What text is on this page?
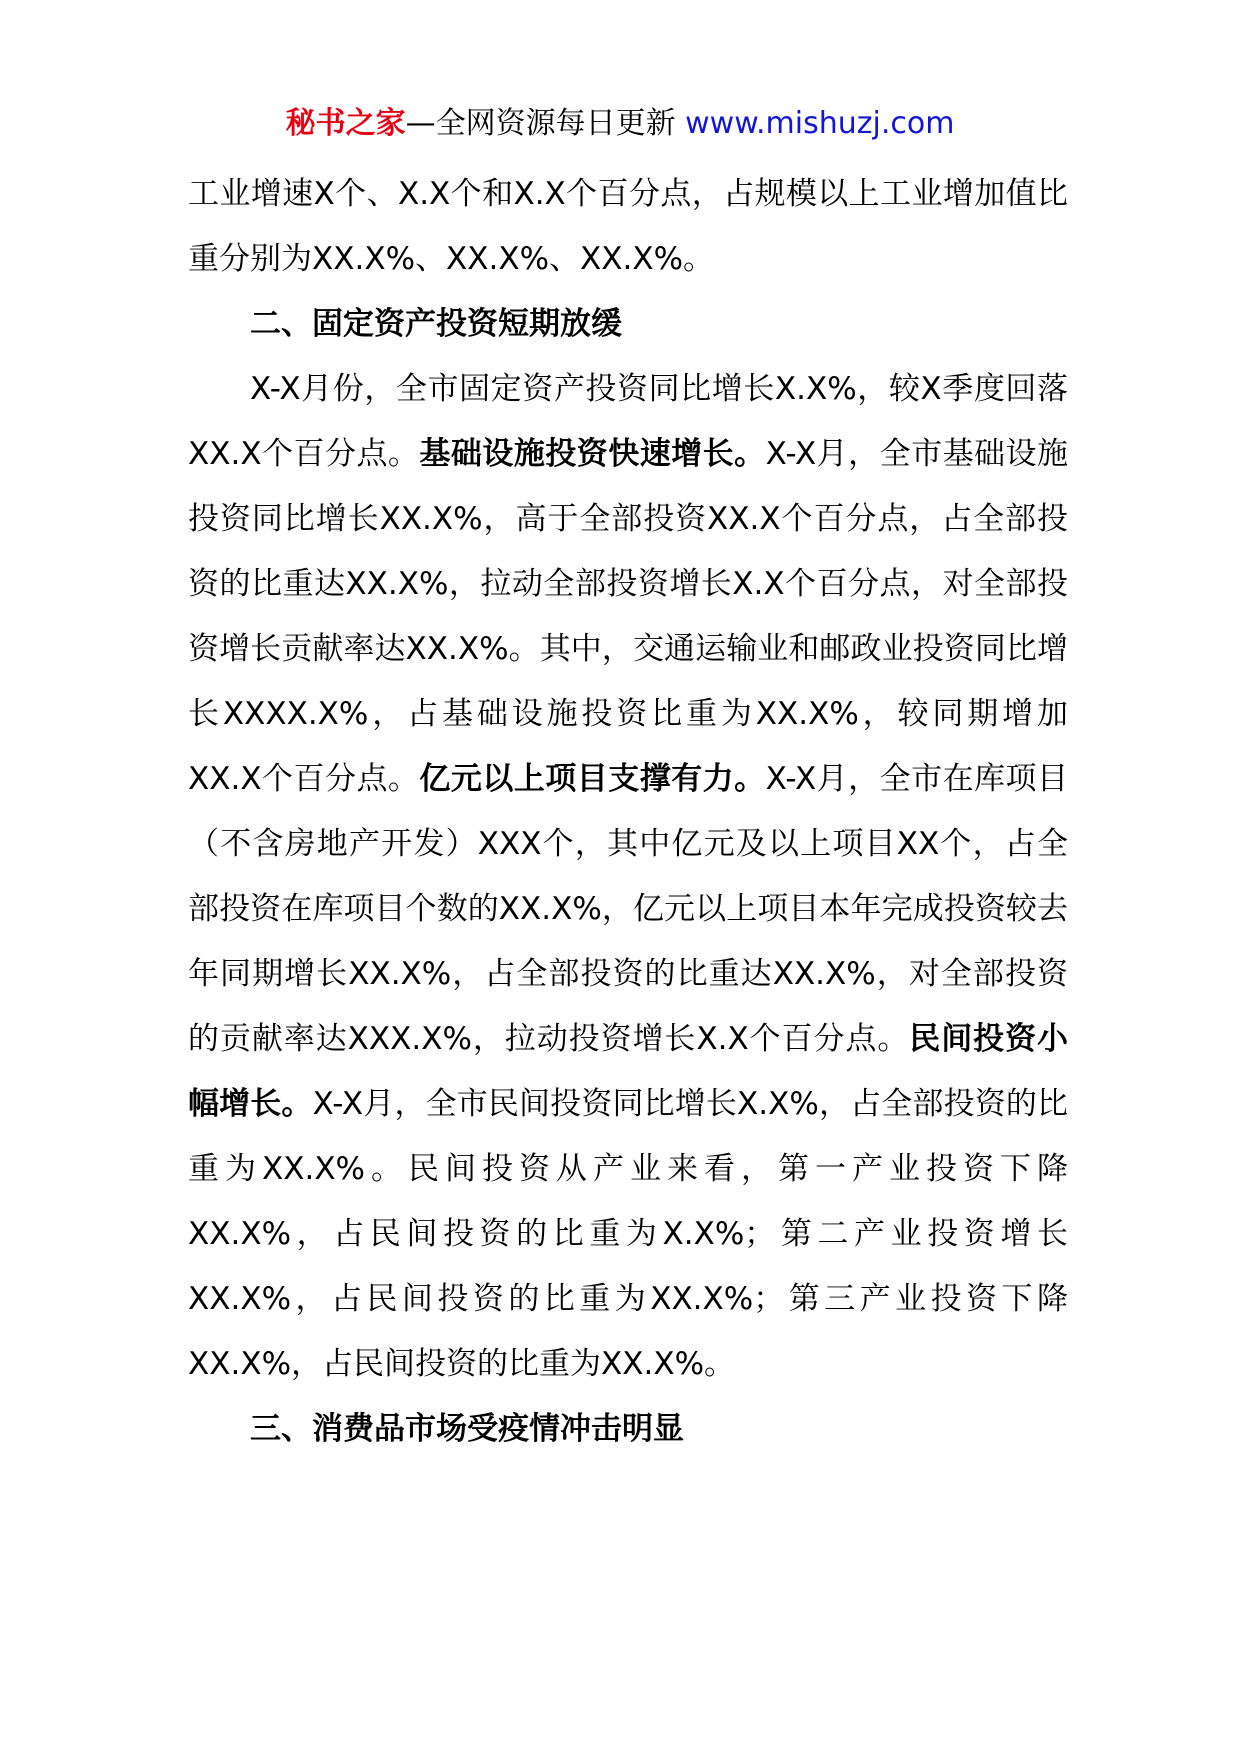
秘书之家—全网资源每日更新 www.mishuzj.com

工业增速X个、X.X个和X.X个百分点，占规模以上工业增加值比重分别为XX.X%、XX.X%、XX.X%。

二、固定资产投资短期放缓

X-X月份，全市固定资产投资同比增长X.X%，较X季度回落XX.X个百分点。基础设施投资快速增长。X-X月，全市基础设施投资同比增长XX.X%，高于全部投资XX.X个百分点，占全部投资的比重达XX.X%，拉动全部投资增长X.X个百分点，对全部投资增长贡献率达XX.X%。其中，交通运输业和邮政业投资同比增长XXXX.X%，占基础设施投资比重为XX.X%，较同期增加XX.X个百分点。亿元以上项目支撑有力。X-X月，全市在库项目（不含房地产开发）XXX个，其中亿元及以上项目XX个，占全部投资在库项目个数的XX.X%，亿元以上项目本年完成投资较去年同期增长XX.X%，占全部投资的比重达XX.X%，对全部投资的贡献率达XXX.X%，拉动投资增长X.X个百分点。民间投资小幅增长。X-X月，全市民间投资同比增长X.X%，占全部投资的比重为XX.X%。民间投资从产业来看，第一产业投资下降XX.X%，占民间投资的比重为X.X%；第二产业投资增长XX.X%，占民间投资的比重为XX.X%；第三产业投资下降XX.X%，占民间投资的比重为XX.X%。

三、消费品市场受疫情冲击明显
